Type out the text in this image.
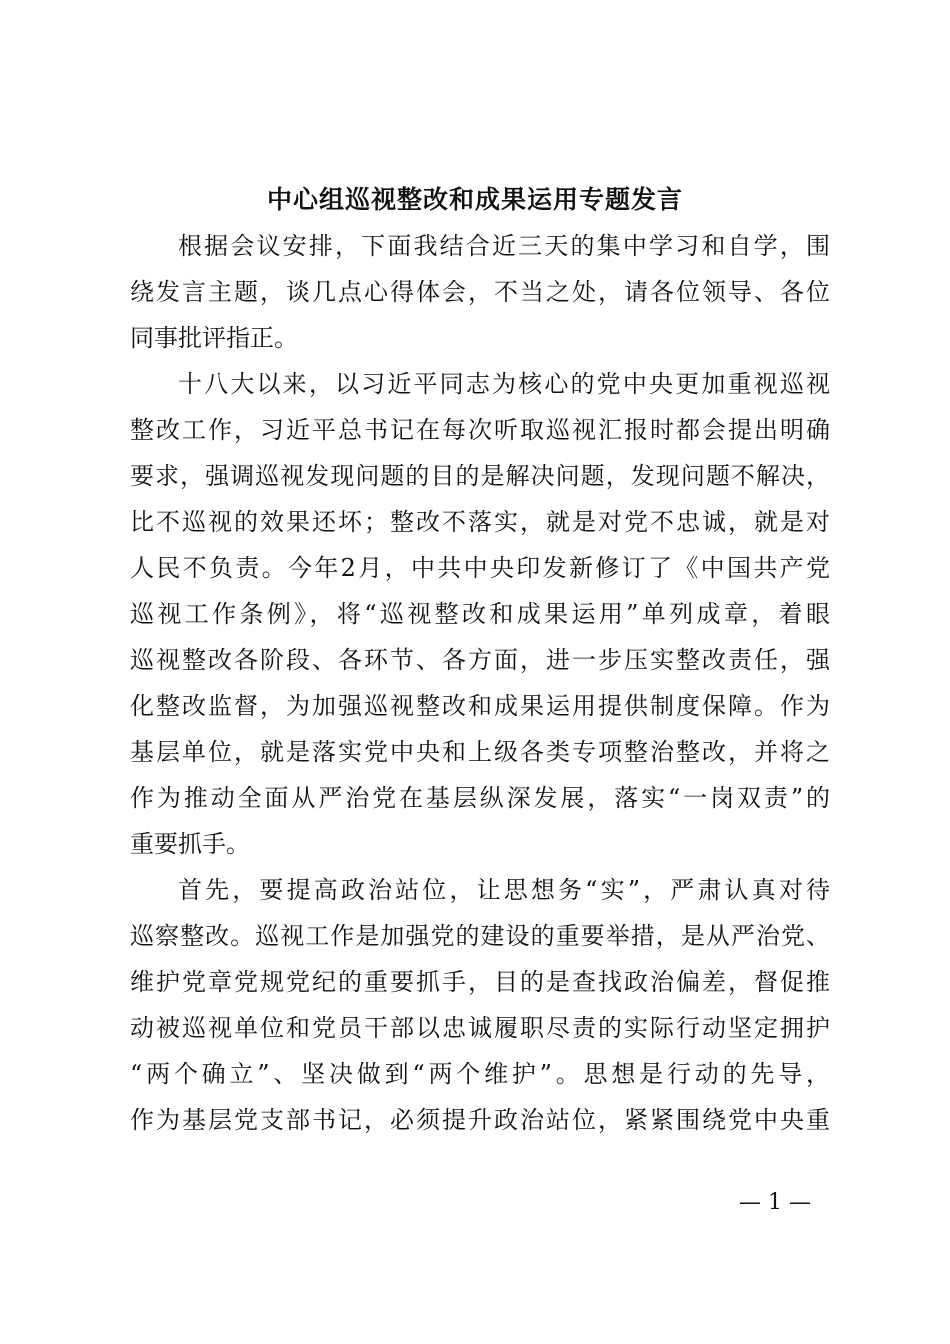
中心组巡视整改和成果运用专题发言
根据会议安排，下面我结合近三天的集中学习和自学，围
绕发言主题，谈几点心得体会，不当之处，请各位领导、各位
同事批评指正。
十八大以来，以习近平同志为核心的党中央更加重视巡视
整改工作，习近平总书记在每次听取巡视汇报时都会提出明确
要求，强调巡视发现问题的目的是解决问题，发现问题不解决，
比不巡视的效果还坏；整改不落实，就是对党不忠诚，就是对
人民不负责。今年2月，中共中央印发新修订了《中国共产党
巡视工作条例》，将“巡视整改和成果运用”单列成章，着眼
巡视整改各阶段、各环节、各方面，进一步压实整改责任，强
化整改监督，为加强巡视整改和成果运用提供制度保障。作为
基层单位，就是落实党中央和上级各类专项整治整改，并将之
作为推动全面从严治党在基层纵深发展，落实“一岗双责”的
重要抓手。
首先，要提高政治站位，让思想务“实”，严肃认真对待
巡察整改。巡视工作是加强党的建设的重要举措，是从严治党、
维护党章党规党纪的重要抓手，目的是查找政治偏差，督促推
动被巡视单位和党员干部以忠诚履职尽责的实际行动坚定拥护
“两个确立”、坚决做到“两个维护”。思想是行动的先导，
作为基层党支部书记，必须提升政治站位，紧紧围绕党中央重
— 1 —
